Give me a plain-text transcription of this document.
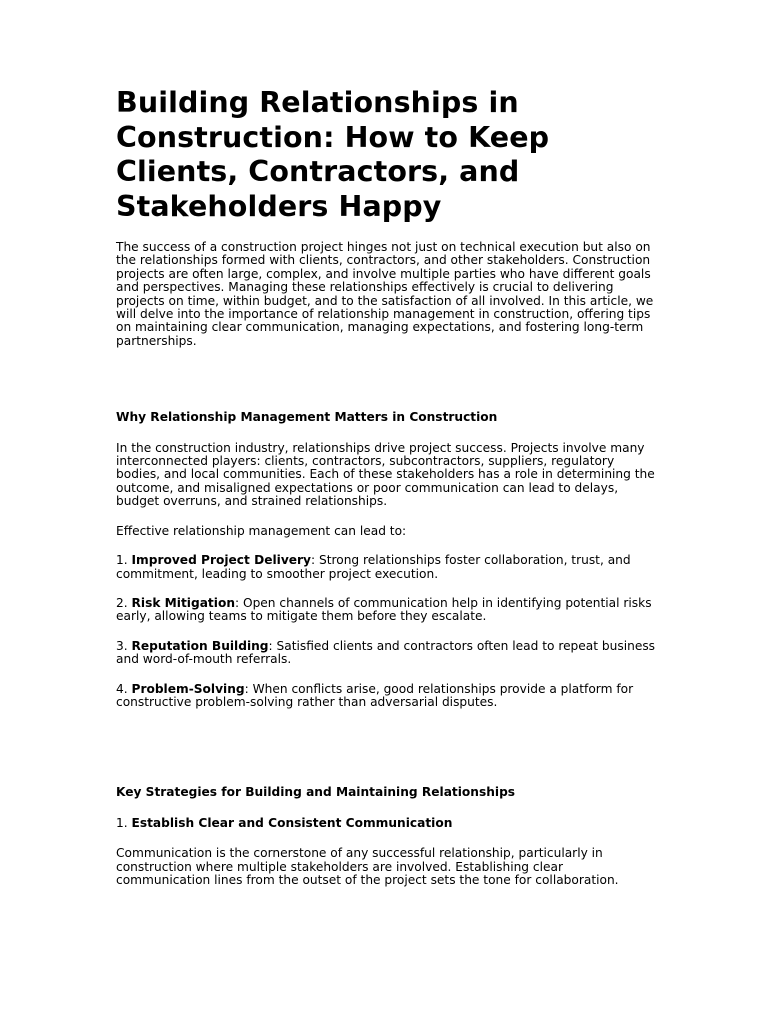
Building Relationships in Construction: How to Keep Clients, Contractors, and Stakeholders Happy

The success of a construction project hinges not just on technical execution but also on the relationships formed with clients, contractors, and other stakeholders. Construction projects are often large, complex, and involve multiple parties who have different goals and perspectives. Managing these relationships effectively is crucial to delivering projects on time, within budget, and to the satisfaction of all involved. In this article, we will delve into the importance of relationship management in construction, offering tips on maintaining clear communication, managing expectations, and fostering long-term partnerships.

Why Relationship Management Matters in Construction

In the construction industry, relationships drive project success. Projects involve many interconnected players: clients, contractors, subcontractors, suppliers, regulatory bodies, and local communities. Each of these stakeholders has a role in determining the outcome, and misaligned expectations or poor communication can lead to delays, budget overruns, and strained relationships.

Effective relationship management can lead to:

1. Improved Project Delivery: Strong relationships foster collaboration, trust, and commitment, leading to smoother project execution.

2. Risk Mitigation: Open channels of communication help in identifying potential risks early, allowing teams to mitigate them before they escalate.

3. Reputation Building: Satisfied clients and contractors often lead to repeat business and word-of-mouth referrals.

4. Problem-Solving: When conflicts arise, good relationships provide a platform for constructive problem-solving rather than adversarial disputes.

Key Strategies for Building and Maintaining Relationships

1. Establish Clear and Consistent Communication

Communication is the cornerstone of any successful relationship, particularly in construction where multiple stakeholders are involved. Establishing clear communication lines from the outset of the project sets the tone for collaboration.
